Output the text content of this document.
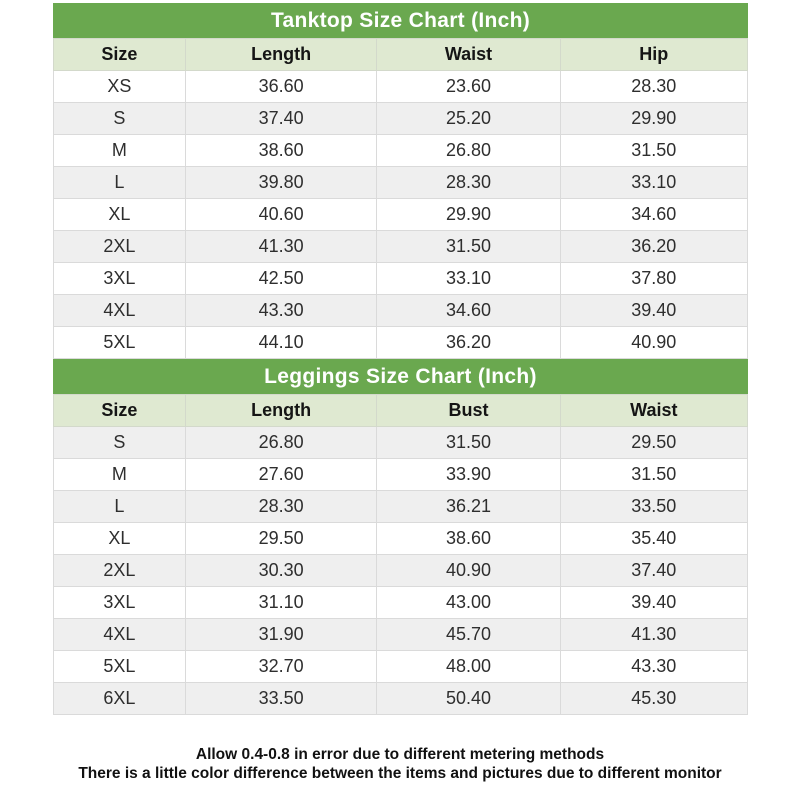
Tanktop Size Chart (Inch)
Size	Length	Waist	Hip
XS	36.60	23.60	28.30
S	37.40	25.20	29.90
M	38.60	26.80	31.50
L	39.80	28.30	33.10
XL	40.60	29.90	34.60
2XL	41.30	31.50	36.20
3XL	42.50	33.10	37.80
4XL	43.30	34.60	39.40
5XL	44.10	36.20	40.90
Leggings Size Chart (Inch)
Size	Length	Bust	Waist
S	26.80	31.50	29.50
M	27.60	33.90	31.50
L	28.30	36.21	33.50
XL	29.50	38.60	35.40
2XL	30.30	40.90	37.40
3XL	31.10	43.00	39.40
4XL	31.90	45.70	41.30
5XL	32.70	48.00	43.30
6XL	33.50	50.40	45.30
Allow 0.4-0.8 in error due to different metering methods
There is a little color difference between the items and pictures due to different monitor
